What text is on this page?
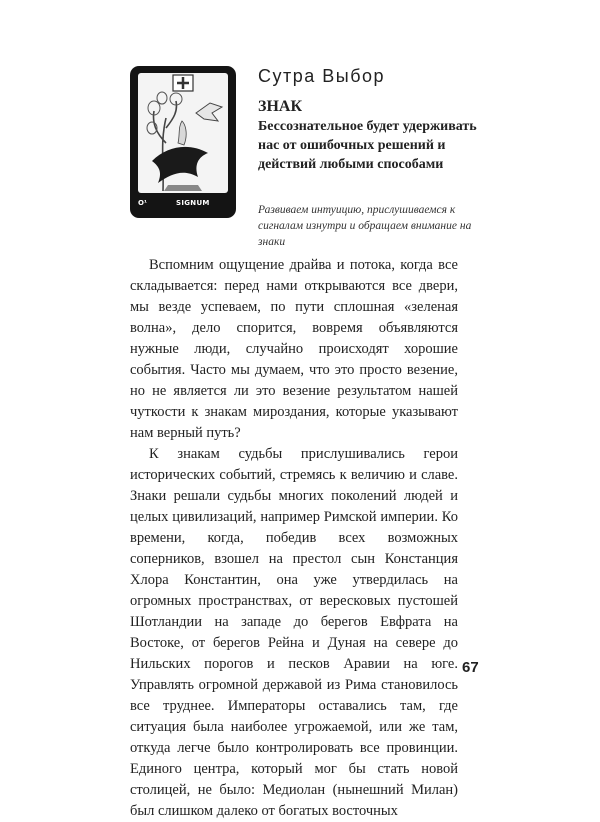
O¹	SIGNUM
Сутра Выбор
ЗНАК
Бессознательное будет удерживать нас от ошибочных решений и действий любыми способами
Развиваем интуицию, прислушиваемся к сигналам изнутри и обращаем внимание на знаки

Вспомним ощущение драйва и потока, когда все складывается: перед нами открываются все двери, мы везде успеваем, по пути сплошная «зеленая волна», дело спорится, вовремя объявляются нужные люди, случайно происходят хорошие события. Часто мы думаем, что это просто везение, но не является ли это везение результатом нашей чуткости к знакам мироздания, которые указывают нам верный путь?

К знакам судьбы прислушивались герои исторических событий, стремясь к величию и славе. Знаки решали судьбы многих поколений людей и целых цивилизаций, например Римской империи. Ко времени, когда, победив всех возможных соперников, взошел на престол сын Констанция Хлора Константин, она уже утвердилась на огромных пространствах, от вересковых пустошей Шотландии на западе до берегов Евфрата на Востоке, от берегов Рейна и Дуная на севере до Нильских порогов и песков Аравии на юге. Управлять огромной державой из Рима становилось все труднее. Императоры оставались там, где ситуация была наиболее угрожаемой, или же там, откуда легче было контролировать все провинции. Единого центра, который мог бы стать новой столицей, не было: Медиолан (нынешний Милан) был слишком далеко от богатых восточных

67
